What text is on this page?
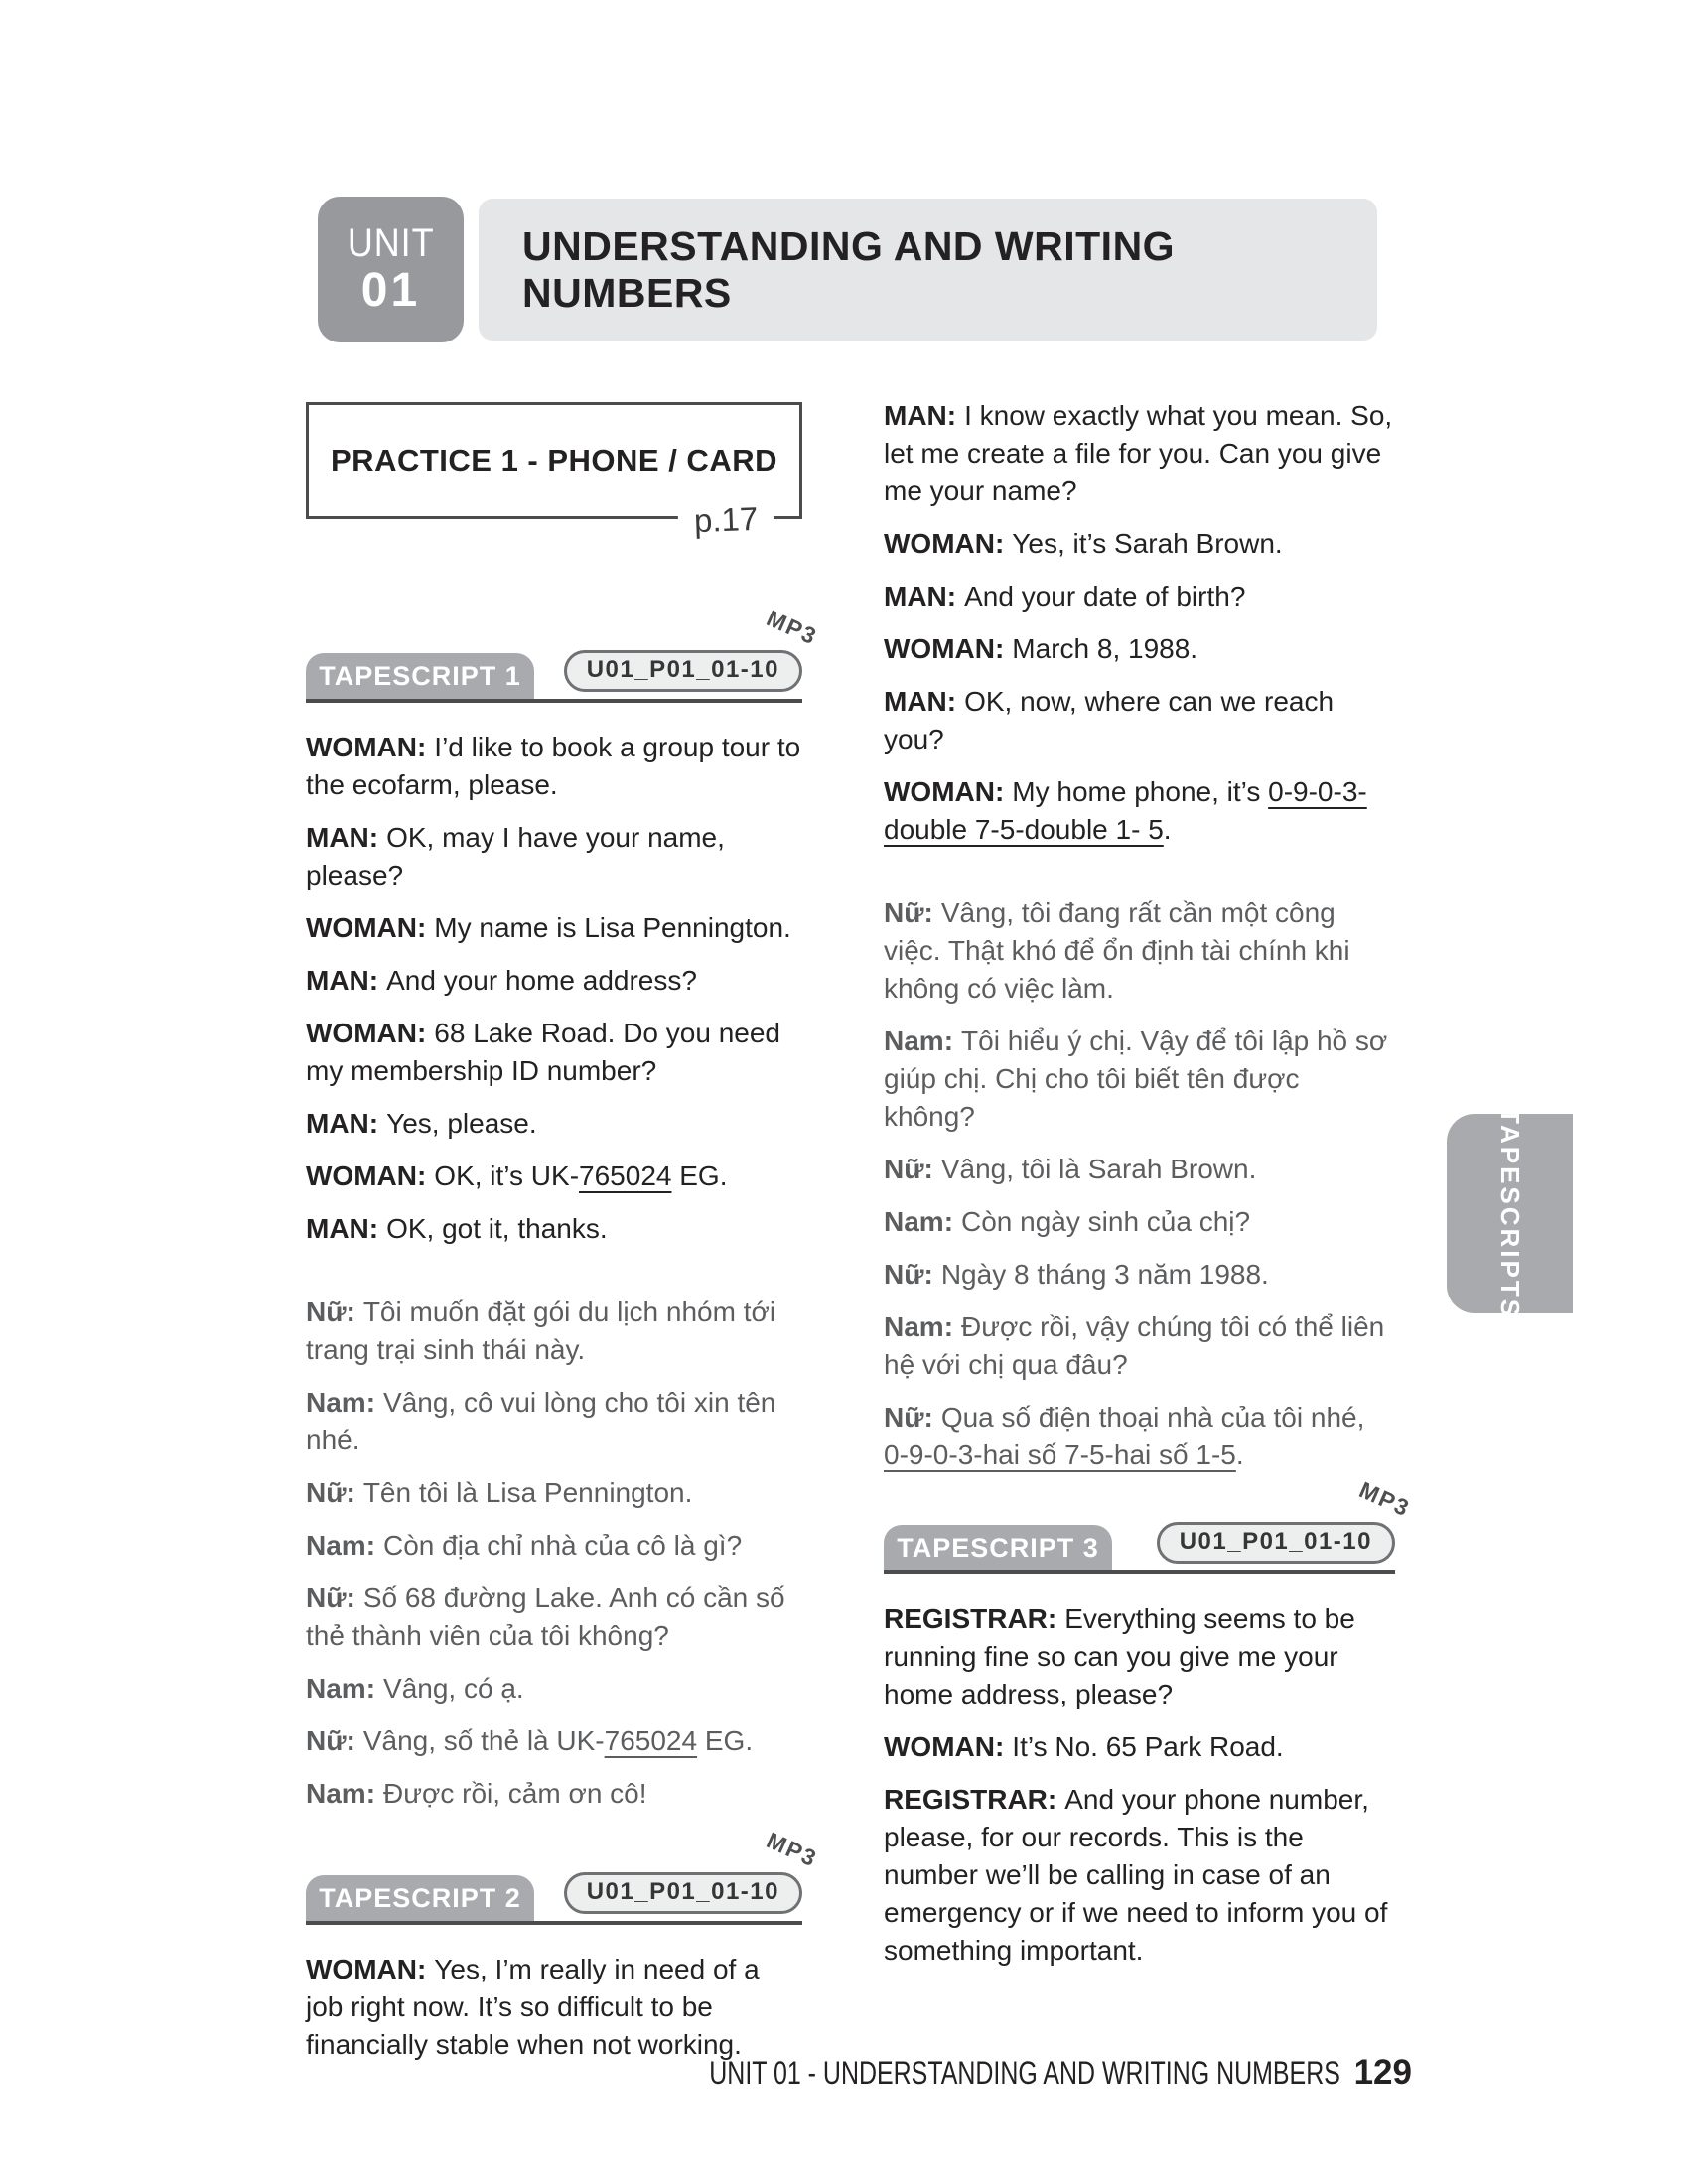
UNIT
01
UNDERSTANDING AND WRITING NUMBERS
PRACTICE 1 - PHONE / CARD
p.17
TAPESCRIPT 1
MP3
U01_P01_01-10

WOMAN: I’d like to book a group tour to the ecofarm, please.

MAN: OK, may I have your name, please?

WOMAN: My name is Lisa Pennington.

MAN: And your home address?

WOMAN: 68 Lake Road. Do you need my membership ID number?

MAN: Yes, please.

WOMAN: OK, it’s UK-765024 EG.

MAN: OK, got it, thanks.

Nữ: Tôi muốn đặt gói du lịch nhóm tới trang trại sinh thái này.

Nam: Vâng, cô vui lòng cho tôi xin tên nhé.

Nữ: Tên tôi là Lisa Pennington.

Nam: Còn địa chỉ nhà của cô là gì?

Nữ: Số 68 đường Lake. Anh có cần số thẻ thành viên của tôi không?

Nam: Vâng, có ạ.

Nữ: Vâng, số thẻ là UK-765024 EG.

Nam: Được rồi, cảm ơn cô!

TAPESCRIPT 2
MP3
U01_P01_01-10

WOMAN: Yes, I’m really in need of a job right now. It’s so difficult to be financially stable when not working.

MAN: I know exactly what you mean. So, let me create a file for you. Can you give me your name?

WOMAN: Yes, it’s Sarah Brown.

MAN: And your date of birth?

WOMAN: March 8, 1988.

MAN: OK, now, where can we reach you?

WOMAN: My home phone, it’s 0-9-0-3-double 7-5-double 1- 5.

Nữ: Vâng, tôi đang rất cần một công việc. Thật khó để ổn định tài chính khi không có việc làm.

Nam: Tôi hiểu ý chị. Vậy để tôi lập hồ sơ giúp chị. Chị cho tôi biết tên được không?

Nữ: Vâng, tôi là Sarah Brown.

Nam: Còn ngày sinh của chị?

Nữ: Ngày 8 tháng 3 năm 1988.

Nam: Được rồi, vậy chúng tôi có thể liên hệ với chị qua đâu?

Nữ: Qua số điện thoại nhà của tôi nhé, 0-9-0-3-hai số 7-5-hai số 1-5.

TAPESCRIPT 3
MP3
U01_P01_01-10

REGISTRAR: Everything seems to be running fine so can you give me your home address, please?

WOMAN: It’s No. 65 Park Road.

REGISTRAR: And your phone number, please, for our records. This is the number we’ll be calling in case of an emergency or if we need to inform you of something important.

TAPESCRIPTS
UNIT 01 - UNDERSTANDING AND WRITING NUMBERS 129
